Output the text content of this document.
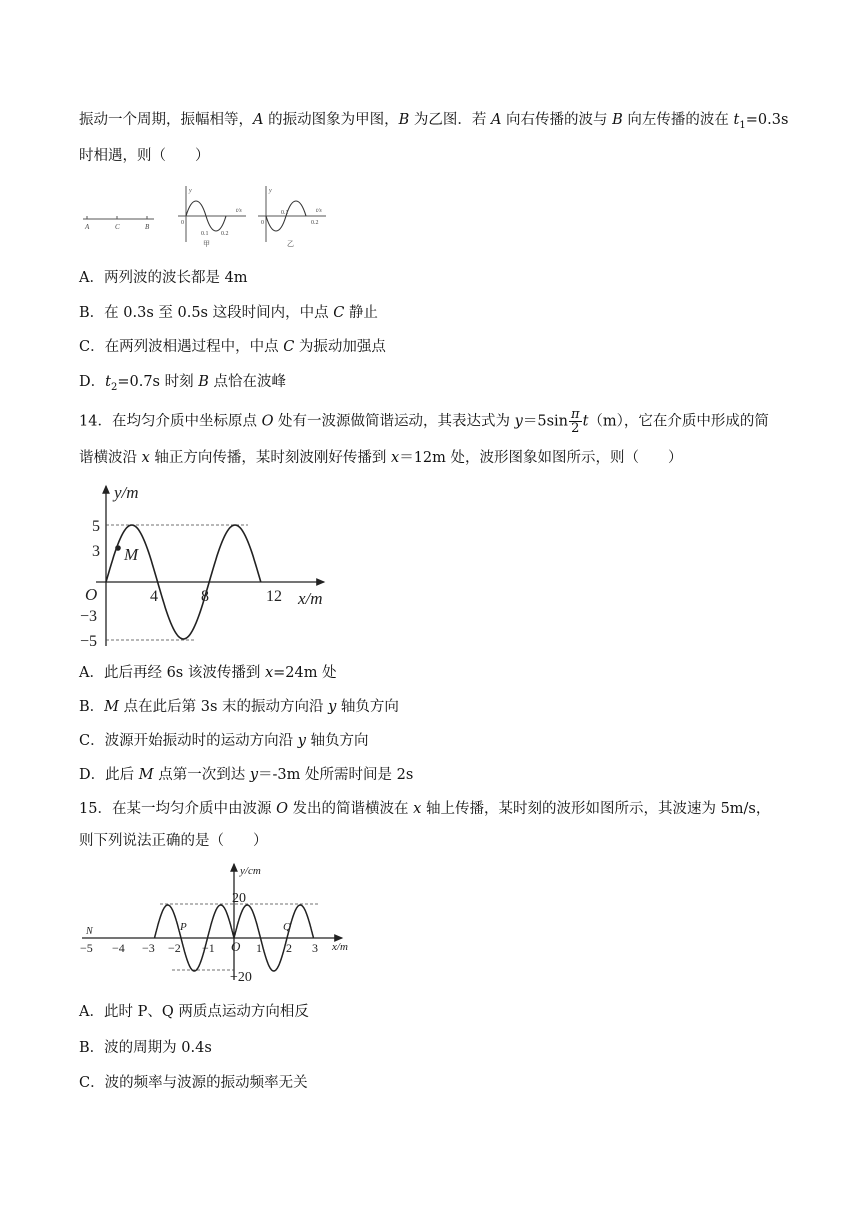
振动一个周期，振幅相等，A 的振动图象为甲图，B 为乙图．若 A 向右传播的波与 B 向左传播的波在 $t_1=0.3s$
时相遇，则（　　）
A	C	B
y
t/s
0
0.1 0.2
甲
y
t/s
0
0.1
0.2
乙
A．两列波的波长都是 4m
B．在 0.3s 至 0.5s 这段时间内，中点 C 静止
C．在两列波相遇过程中，中点 C 为振动加强点
D．$t_2=0.7s$ 时刻 B 点恰在波峰
14．在均匀介质中坐标原点 O 处有一波源做简谐运动，其表达式为 $y=5\sin \frac{\pi}{2} t(m)$，它在介质中形成的简
谐横波沿 x 轴正方向传播，某时刻波刚好传播到 x＝12m 处，波形图象如图所示，则（　　）
M
y/m
x/m
O
5
3
−3
−5
4	8	12
A．此后再经 6s 该波传播到 x=24m 处
B．M 点在此后第 3s 末的振动方向沿 y 轴负方向
C．波源开始振动时的运动方向沿 y 轴负方向
D．此后 M 点第一次到达 y＝-3m 处所需时间是 2s
15．在某一均匀介质中由波源 O 发出的简谐横波在 x 轴上传播，某时刻的波形如图所示，其波速为 5m/s，
则下列说法正确的是（　　）
y/cm
x/m
20
−20
O
N	P	Q
−5 −4 −3 −2 −1	1 2 3
A．此时 P、Q 两质点运动方向相反
B．波的周期为 0.4s
C．波的频率与波源的振动频率无关
